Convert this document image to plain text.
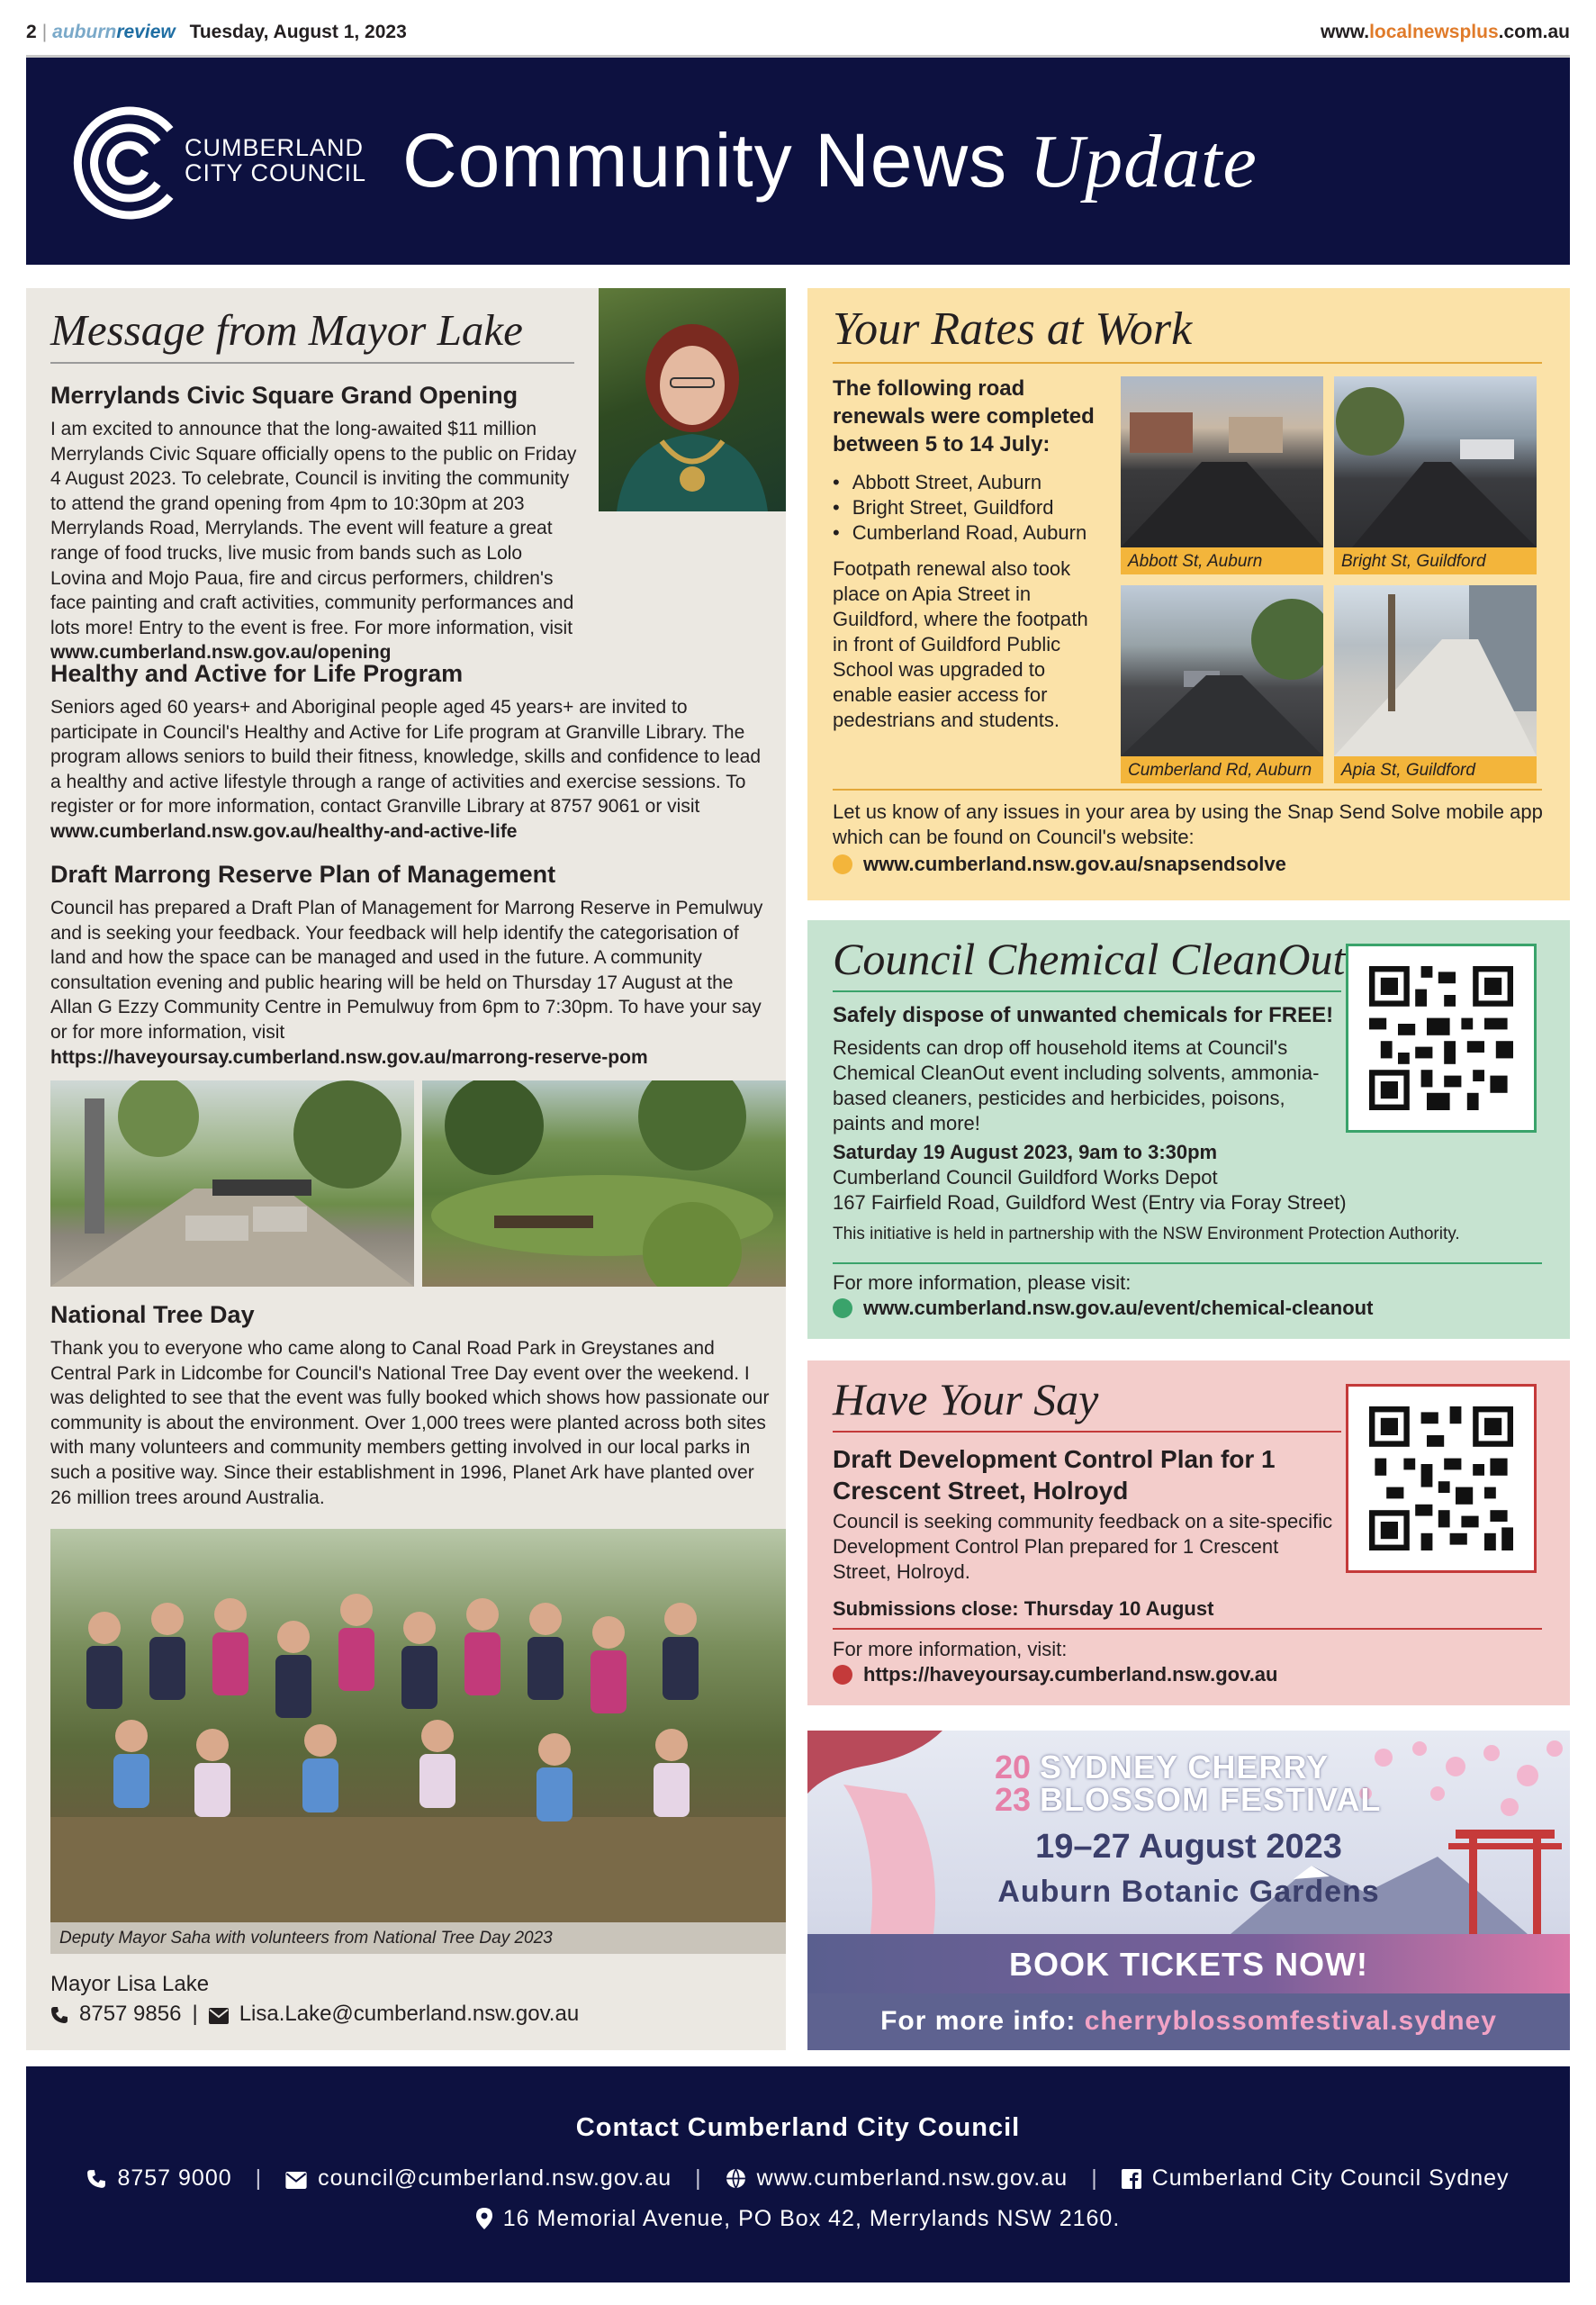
2 | auburnreview Tuesday, August 1, 2023	www.localnewsplus.com.au
CUMBERLAND
CITY COUNCIL Community News Update
Message from Mayor Lake
Merrylands Civic Square Grand Opening
I am excited to announce that the long-awaited $11 million Merrylands Civic Square officially opens to the public on Friday 4 August 2023. To celebrate, Council is inviting the community to attend the grand opening from 4pm to 10:30pm at 203 Merrylands Road, Merrylands. The event will feature a great range of food trucks, live music from bands such as Lolo Lovina and Mojo Paua, fire and circus performers, children's face painting and craft activities, community performances and lots more! Entry to the event is free. For more information, visit www.cumberland.nsw.gov.au/opening
Healthy and Active for Life Program
Seniors aged 60 years+ and Aboriginal people aged 45 years+ are invited to participate in Council's Healthy and Active for Life program at Granville Library. The program allows seniors to build their fitness, knowledge, skills and confidence to lead a healthy and active lifestyle through a range of activities and exercise sessions. To register or for more information, contact Granville Library at 8757 9061 or visit www.cumberland.nsw.gov.au/healthy-and-active-life
Draft Marrong Reserve Plan of Management
Council has prepared a Draft Plan of Management for Marrong Reserve in Pemulwuy and is seeking your feedback. Your feedback will help identify the categorisation of land and how the space can be managed and used in the future. A community consultation evening and public hearing will be held on Thursday 17 August at the Allan G Ezzy Community Centre in Pemulwuy from 6pm to 7:30pm. To have your say or for more information, visit https://haveyoursay.cumberland.nsw.gov.au/marrong-reserve-pom
National Tree Day
Thank you to everyone who came along to Canal Road Park in Greystanes and Central Park in Lidcombe for Council's National Tree Day event over the weekend. I was delighted to see that the event was fully booked which shows how passionate our community is about the environment. Over 1,000 trees were planted across both sites with many volunteers and community members getting involved in our local parks in such a positive way. Since their establishment in 1996, Planet Ark have planted over 26 million trees around Australia.
Deputy Mayor Saha with volunteers from National Tree Day 2023
Mayor Lisa Lake
8757 9856 | Lisa.Lake@cumberland.nsw.gov.au
Your Rates at Work
The following road renewals were completed between 5 to 14 July:
• Abbott Street, Auburn
• Bright Street, Guildford
• Cumberland Road, Auburn
Footpath renewal also took place on Apia Street in Guildford, where the footpath in front of Guildford Public School was upgraded to enable easier access for pedestrians and students.
Abbott St, Auburn	Bright St, Guildford
Cumberland Rd, Auburn	Apia St, Guildford
Let us know of any issues in your area by using the Snap Send Solve mobile app which can be found on Council's website:
www.cumberland.nsw.gov.au/snapsendsolve
Council Chemical CleanOut
Safely dispose of unwanted chemicals for FREE!
Residents can drop off household items at Council's Chemical CleanOut event including solvents, ammonia-based cleaners, pesticides and herbicides, poisons, paints and more!
Saturday 19 August 2023, 9am to 3:30pm
Cumberland Council Guildford Works Depot
167 Fairfield Road, Guildford West (Entry via Foray Street)
This initiative is held in partnership with the NSW Environment Protection Authority.
For more information, please visit:
www.cumberland.nsw.gov.au/event/chemical-cleanout
Have Your Say
Draft Development Control Plan for 1 Crescent Street, Holroyd
Council is seeking community feedback on a site-specific Development Control Plan prepared for 1 Crescent Street, Holroyd.
Submissions close: Thursday 10 August
For more information, visit:
https://haveyoursay.cumberland.nsw.gov.au
20
23
SYDNEY CHERRY
BLOSSOM FESTIVAL
19–27 August 2023
Auburn Botanic Gardens
BOOK TICKETS NOW!
For more info: cherryblossomfestival.sydney
Contact Cumberland City Council
8757 9000 | council@cumberland.nsw.gov.au | www.cumberland.nsw.gov.au | Cumberland City Council Sydney
16 Memorial Avenue, PO Box 42, Merrylands NSW 2160.
